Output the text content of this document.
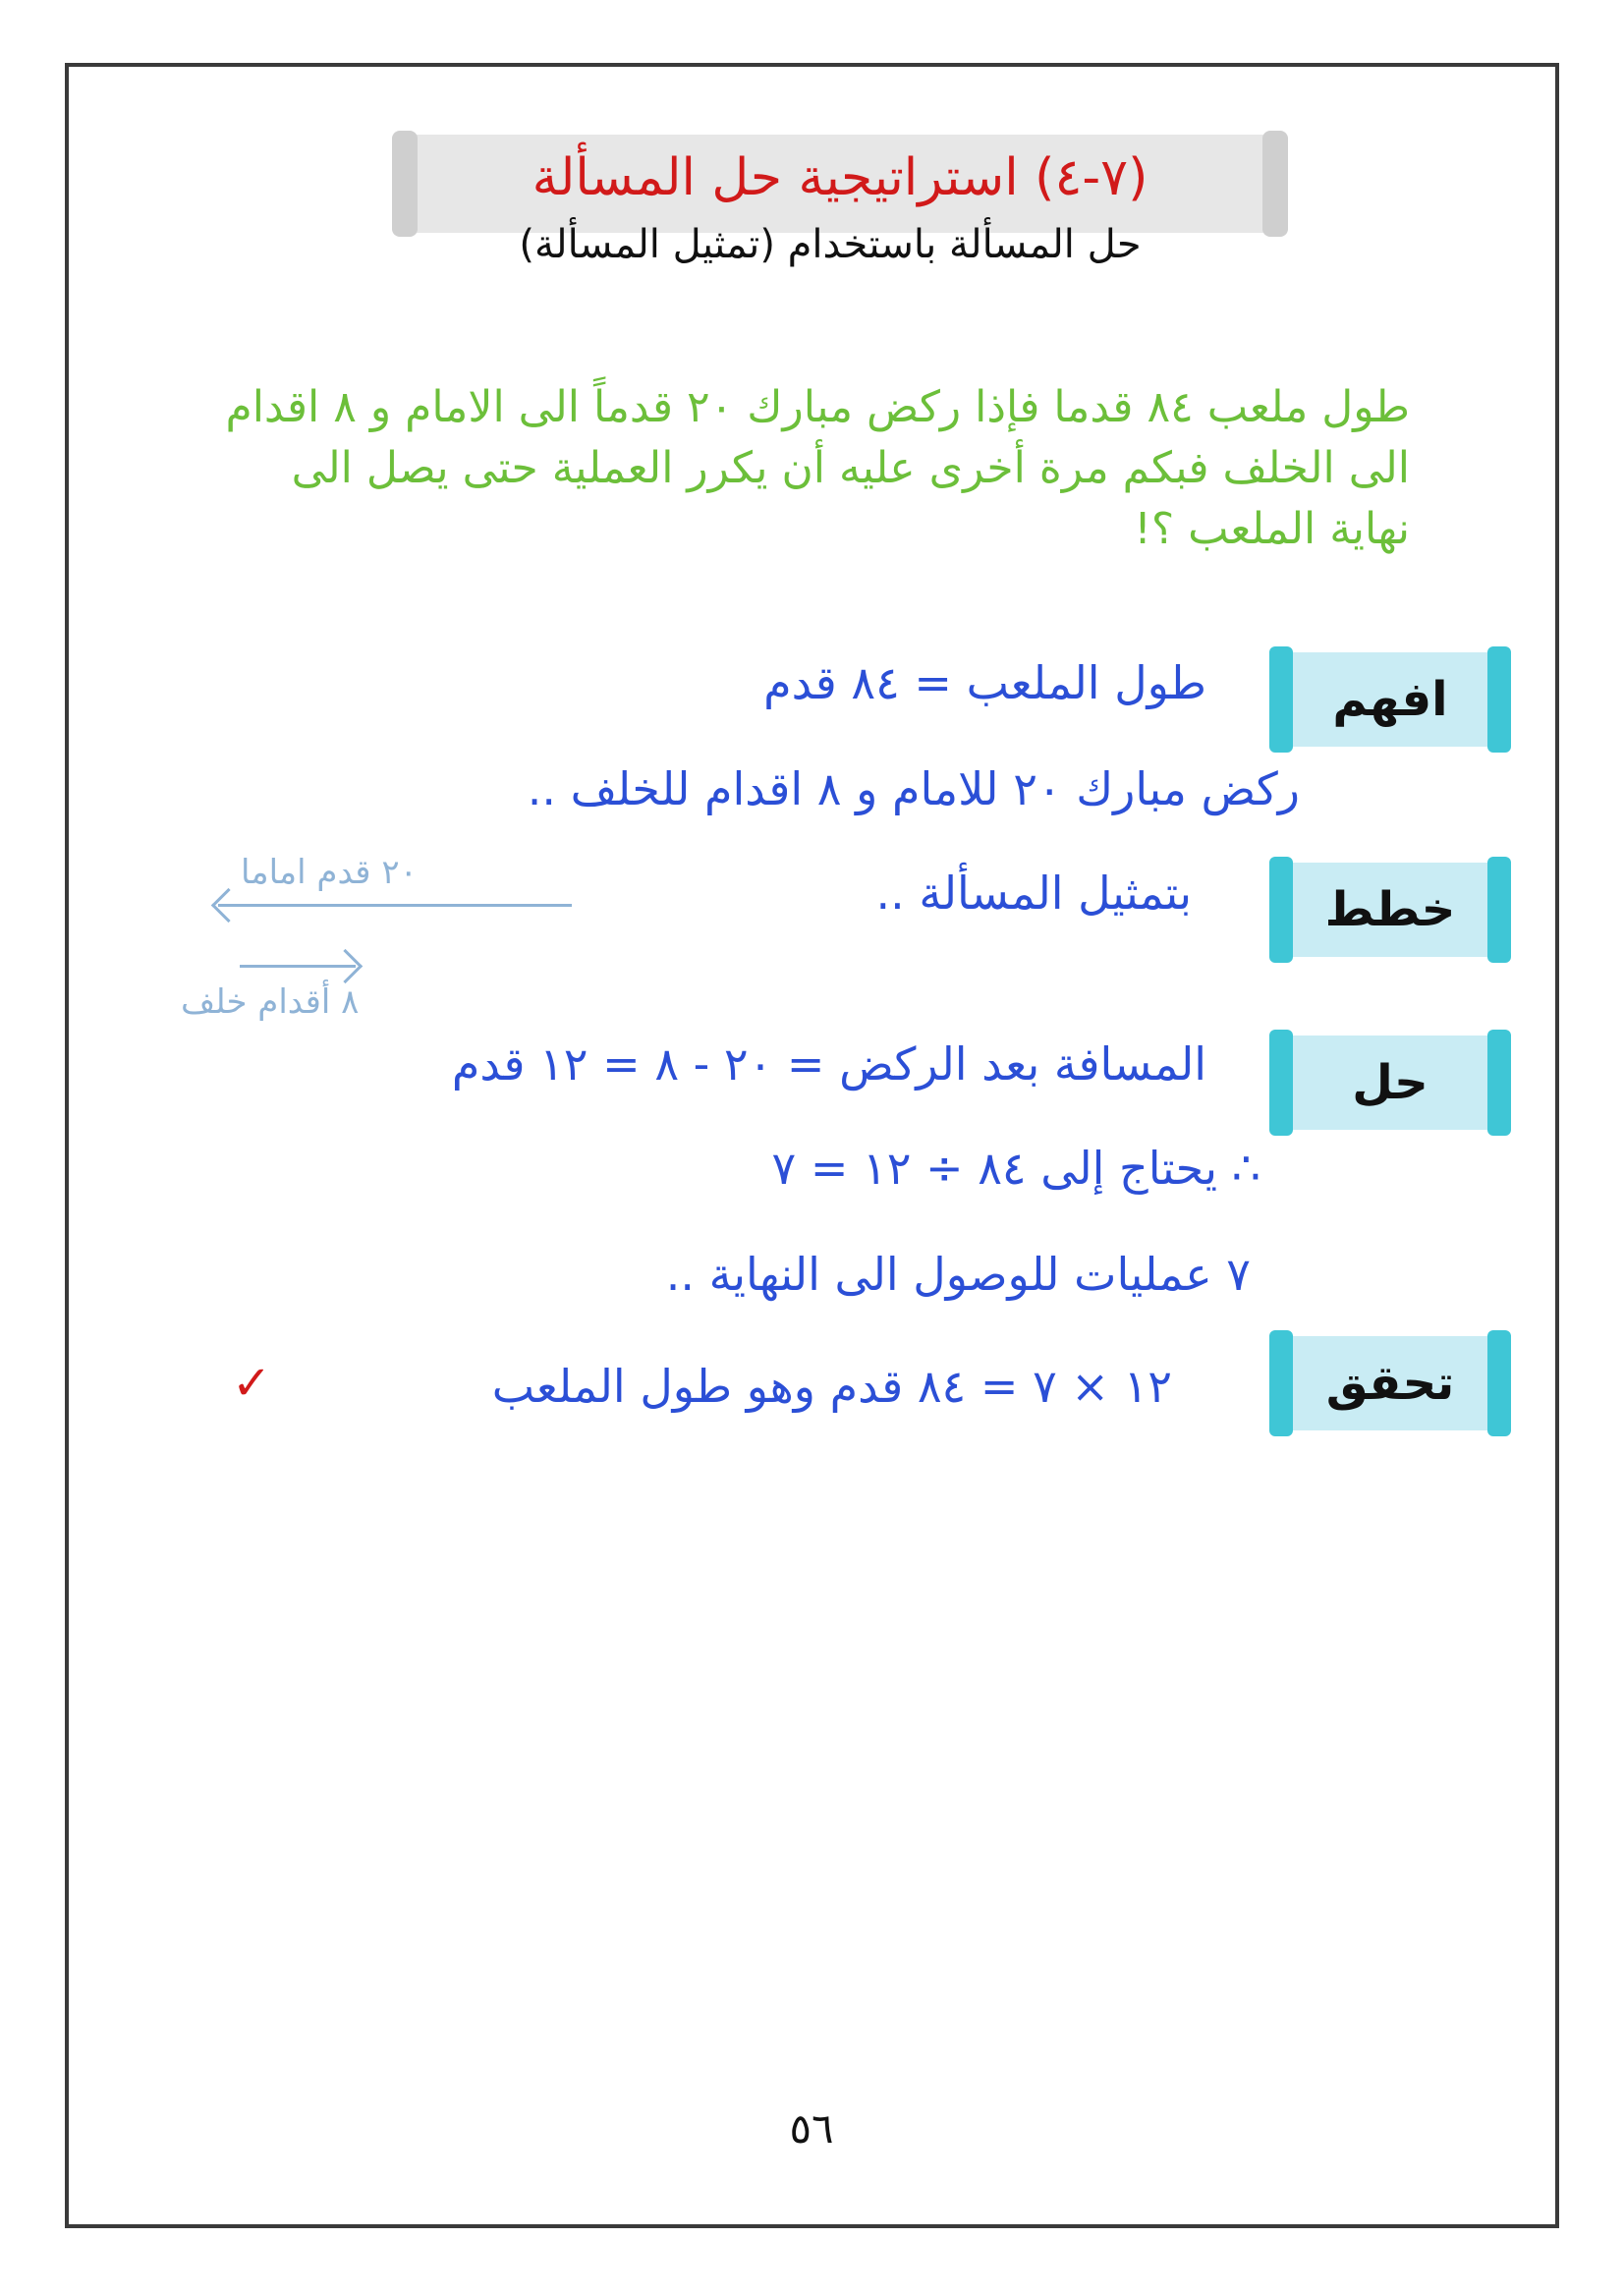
(٧-٤) استراتيجية حل المسألة
حل المسألة باستخدام (تمثيل المسألة)
طول ملعب ٨٤ قدما فإذا ركض مبارك ٢٠ قدماً الى الامام و ٨ اقدام الى الخلف فبكم مرة أخرى عليه أن يكرر العملية حتى يصل الى نهاية الملعب ؟!
افهم
طول الملعب = ٨٤ قدم
ركض مبارك ٢٠ للامام و ٨ اقدام للخلف ..
خطط
بتمثيل المسألة ..
٢٠ قدم اماما
٨ أقدام خلف
حل
المسافة بعد الركض = ٢٠ - ٨ = ١٢ قدم
∴ يحتاج إلى ٨٤ ÷ ١٢ = ٧
٧ عمليات للوصول الى النهاية ..
تحقق
١٢ × ٧ = ٨٤ قدم وهو طول الملعب
✓
٥٦
